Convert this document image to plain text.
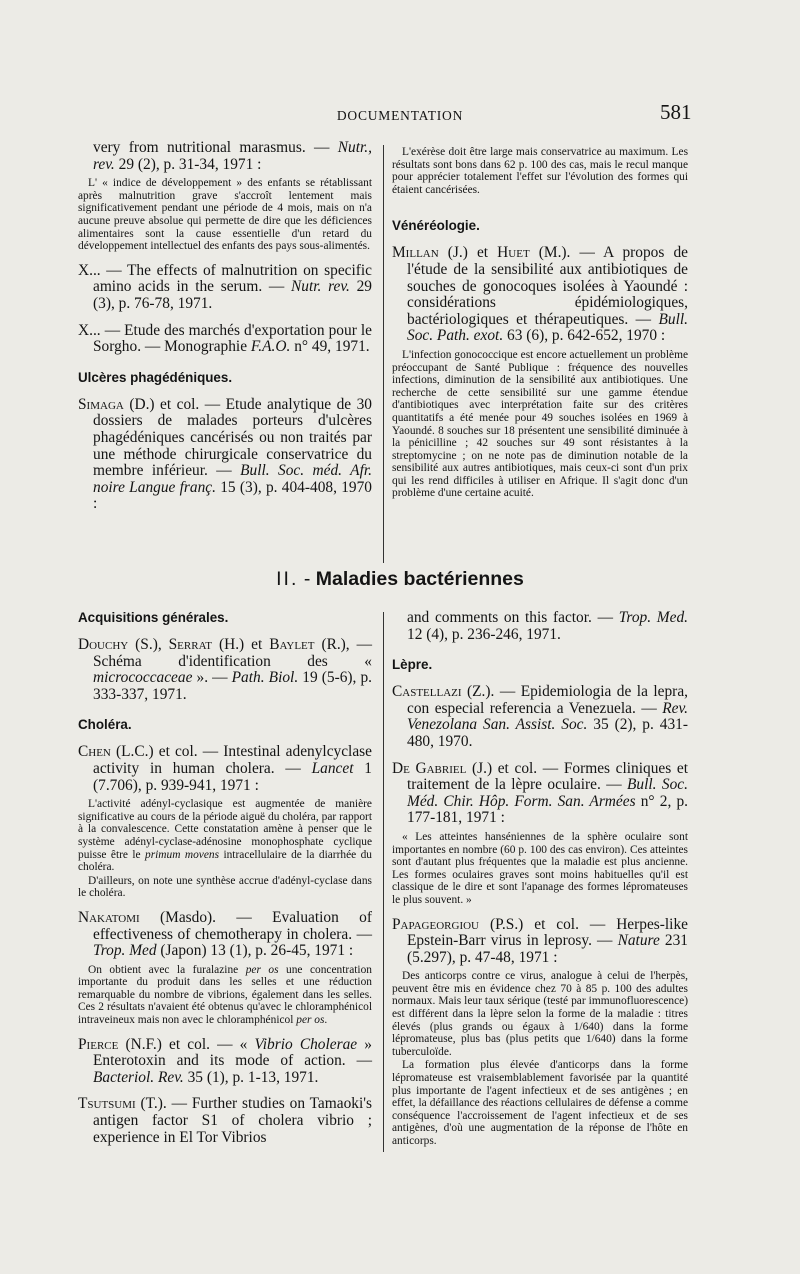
DOCUMENTATION	581

very from nutritional marasmus. — Nutr., rev. 29 (2), p. 31-34, 1971 :

L' « indice de développement » des enfants se rétablissant après malnutrition grave s'accroît lentement mais significativement pendant une période de 4 mois, mais on n'a aucune preuve absolue qui permette de dire que les déficiences alimentaires sont la cause essentielle d'un retard du développement intellectuel des enfants des pays sous-alimentés.

X... — The effects of malnutrition on specific amino acids in the serum. — Nutr. rev. 29 (3), p. 76-78, 1971.

X... — Etude des marchés d'exportation pour le Sorgho. — Monographie F.A.O. n° 49, 1971.

Ulcères phagédéniques.

Simaga (D.) et col. — Etude analytique de 30 dossiers de malades porteurs d'ulcères phagédéniques cancérisés ou non traités par une méthode chirurgicale conservatrice du membre inférieur. — Bull. Soc. méd. Afr. noire Langue franç. 15 (3), p. 404-408, 1970 :

L'exérèse doit être large mais conservatrice au maximum. Les résultats sont bons dans 62 p. 100 des cas, mais le recul manque pour apprécier totalement l'effet sur l'évolution des formes qui étaient cancérisées.

Vénéréologie.

Millan (J.) et Huet (M.). — A propos de l'étude de la sensibilité aux antibiotiques de souches de gonocoques isolées à Yaoundé : considérations épidémiologiques, bactériologiques et thérapeutiques. — Bull. Soc. Path. exot. 63 (6), p. 642-652, 1970 :

L'infection gonococcique est encore actuellement un problème préoccupant de Santé Publique : fréquence des nouvelles infections, diminution de la sensibilité aux antibiotiques. Une recherche de cette sensibilité sur une gamme étendue d'antibiotiques avec interprétation faite sur des critères quantitatifs a été menée pour 49 souches isolées en 1969 à Yaoundé. 8 souches sur 18 présentent une sensibilité diminuée à la pénicilline ; 42 souches sur 49 sont résistantes à la streptomycine ; on ne note pas de diminution notable de la sensibilité aux autres antibiotiques, mais ceux-ci sont d'un prix qui les rend difficiles à utiliser en Afrique. Il s'agit donc d'un problème d'une certaine acuité.

II. - Maladies bactériennes
Acquisitions générales.

Douchy (S.), Serrat (H.) et Baylet (R.), — Schéma d'identification des « micrococcaceae ». — Path. Biol. 19 (5-6), p. 333-337, 1971.

Choléra.

Chen (L.C.) et col. — Intestinal adenylcyclase activity in human cholera. — Lancet 1 (7.706), p. 939-941, 1971 :

L'activité adényl-cyclasique est augmentée de manière significative au cours de la période aiguë du choléra, par rapport à la convalescence. Cette constatation amène à penser que le système adényl-cyclase-adénosine monophosphate cyclique puisse être le primum movens intracellulaire de la diarrhée du choléra.

D'ailleurs, on note une synthèse accrue d'adényl-cyclase dans le choléra.

Nakatomi (Masdo). — Evaluation of effectiveness of chemotherapy in cholera. — Trop. Med (Japon) 13 (1), p. 26-45, 1971 :

On obtient avec la furalazine per os une concentration importante du produit dans les selles et une réduction remarquable du nombre de vibrions, également dans les selles. Ces 2 résultats n'avaient été obtenus qu'avec le chloramphénicol intraveineux mais non avec le chloramphénicol per os.

Pierce (N.F.) et col. — « Vibrio Cholerae » Enterotoxin and its mode of action. — Bacteriol. Rev. 35 (1), p. 1-13, 1971.

Tsutsumi (T.). — Further studies on Tamaoki's antigen factor S1 of cholera vibrio ; experience in El Tor Vibrios

and comments on this factor. — Trop. Med. 12 (4), p. 236-246, 1971.

Lèpre.

Castellazi (Z.). — Epidemiologia de la lepra, con especial referencia a Venezuela. — Rev. Venezolana San. Assist. Soc. 35 (2), p. 431-480, 1970.

De Gabriel (J.) et col. — Formes cliniques et traitement de la lèpre oculaire. — Bull. Soc. Méd. Chir. Hôp. Form. San. Armées n° 2, p. 177-181, 1971 :

« Les atteintes hanséniennes de la sphère oculaire sont importantes en nombre (60 p. 100 des cas environ). Ces atteintes sont d'autant plus fréquentes que la maladie est plus ancienne. Les formes oculaires graves sont moins habituelles qu'il est classique de le dire et sont l'apanage des formes lépromateuses le plus souvent. »

Papageorgiou (P.S.) et col. — Herpes-like Epstein-Barr virus in leprosy. — Nature 231 (5.297), p. 47-48, 1971 :

Des anticorps contre ce virus, analogue à celui de l'herpès, peuvent être mis en évidence chez 70 à 85 p. 100 des adultes normaux. Mais leur taux sérique (testé par immunofluorescence) est différent dans la lèpre selon la forme de la maladie : titres élevés (plus grands ou égaux à 1/640) dans la forme lépromateuse, plus bas (plus petits que 1/640) dans la forme tuberculoïde.

La formation plus élevée d'anticorps dans la forme lépromateuse est vraisemblablement favorisée par la quantité plus importante de l'agent infectieux et de ses antigènes ; en effet, la défaillance des réactions cellulaires de défense a comme conséquence l'accroissement de l'agent infectieux et de ses antigènes, d'où une augmentation de la réponse de l'hôte en anticorps.
